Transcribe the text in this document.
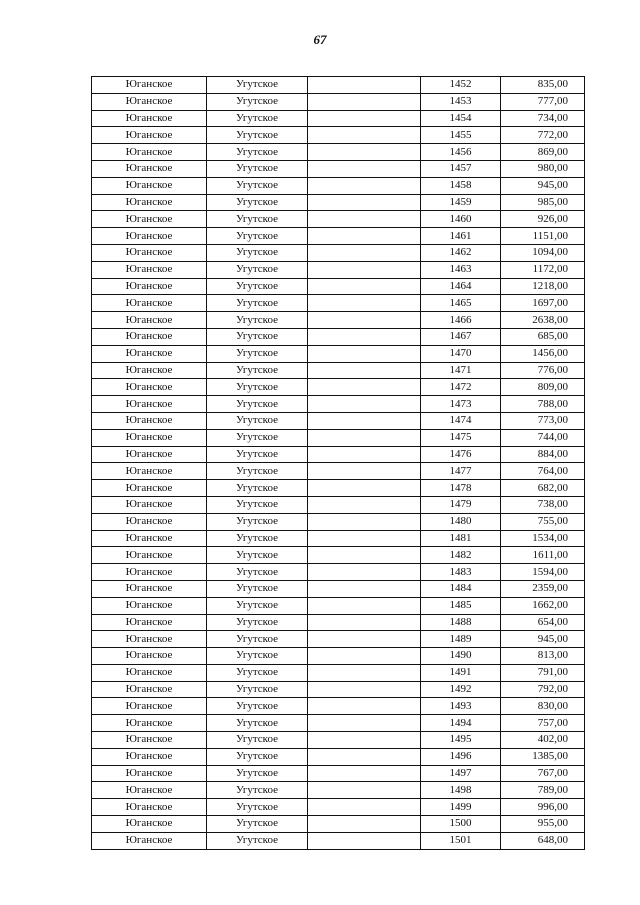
67
Юганское	Угутское		1452	835,00
Юганское	Угутское		1453	777,00
Юганское	Угутское		1454	734,00
Юганское	Угутское		1455	772,00
Юганское	Угутское		1456	869,00
Юганское	Угутское		1457	980,00
Юганское	Угутское		1458	945,00
Юганское	Угутское		1459	985,00
Юганское	Угутское		1460	926,00
Юганское	Угутское		1461	1151,00
Юганское	Угутское		1462	1094,00
Юганское	Угутское		1463	1172,00
Юганское	Угутское		1464	1218,00
Юганское	Угутское		1465	1697,00
Юганское	Угутское		1466	2638,00
Юганское	Угутское		1467	685,00
Юганское	Угутское		1470	1456,00
Юганское	Угутское		1471	776,00
Юганское	Угутское		1472	809,00
Юганское	Угутское		1473	788,00
Юганское	Угутское		1474	773,00
Юганское	Угутское		1475	744,00
Юганское	Угутское		1476	884,00
Юганское	Угутское		1477	764,00
Юганское	Угутское		1478	682,00
Юганское	Угутское		1479	738,00
Юганское	Угутское		1480	755,00
Юганское	Угутское		1481	1534,00
Юганское	Угутское		1482	1611,00
Юганское	Угутское		1483	1594,00
Юганское	Угутское		1484	2359,00
Юганское	Угутское		1485	1662,00
Юганское	Угутское		1488	654,00
Юганское	Угутское		1489	945,00
Юганское	Угутское		1490	813,00
Юганское	Угутское		1491	791,00
Юганское	Угутское		1492	792,00
Юганское	Угутское		1493	830,00
Юганское	Угутское		1494	757,00
Юганское	Угутское		1495	402,00
Юганское	Угутское		1496	1385,00
Юганское	Угутское		1497	767,00
Юганское	Угутское		1498	789,00
Юганское	Угутское		1499	996,00
Юганское	Угутское		1500	955,00
Юганское	Угутское		1501	648,00
